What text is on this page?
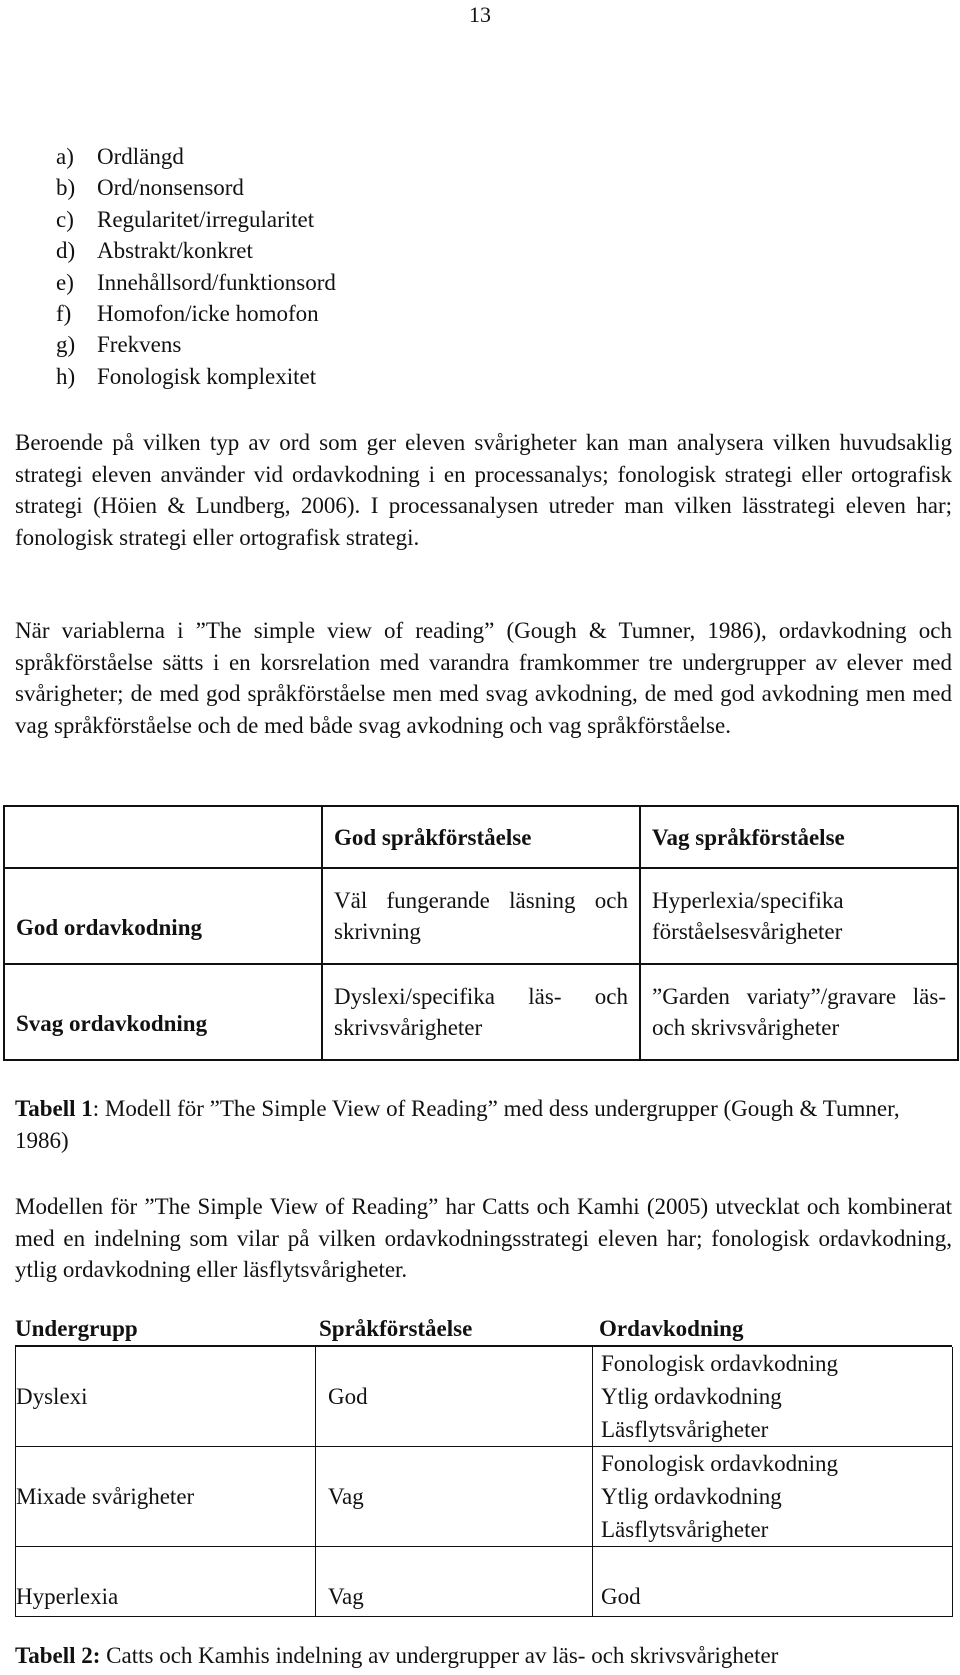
13
a) Ordlängd
b) Ord/nonsensord
c) Regularitet/irregularitet
d) Abstrakt/konkret
e) Innehållsord/funktionsord
f) Homofon/icke homofon
g) Frekvens
h) Fonologisk komplexitet

Beroende på vilken typ av ord som ger eleven svårigheter kan man analysera vilken huvudsaklig strategi eleven använder vid ordavkodning i en processanalys; fonologisk strategi eller ortografisk strategi (Höien & Lundberg, 2006). I processanalysen utreder man vilken lässtrategi eleven har; fonologisk strategi eller ortografisk strategi.

När variablerna i ”The simple view of reading” (Gough & Tumner, 1986), ordavkodning och språkförståelse sätts i en korsrelation med varandra framkommer tre undergrupper av elever med svårigheter; de med god språkförståelse men med svag avkodning, de med god avkodning men med vag språkförståelse och de med både svag avkodning och vag språkförståelse.

	God språkförståelse	Vag språkförståelse
God ordavkodning	Väl fungerande läsning och skrivning	Hyperlexia/specifika förståelsesvårigheter
Svag ordavkodning	Dyslexi/specifika läs- och skrivsvårigheter	”Garden variaty”/gravare läs- och skrivsvårigheter

Tabell 1: Modell för ”The Simple View of Reading” med dess undergrupper (Gough & Tumner, 1986)

Modellen för ”The Simple View of Reading” har Catts och Kamhi (2005) utvecklat och kombinerat med en indelning som vilar på vilken ordavkodningsstrategi eleven har; fonologisk ordavkodning, ytlig ordavkodning eller läsflytsvårigheter.

Undergrupp	Språkförståelse	Ordavkodning
Dyslexi	God	Fonologisk ordavkodning
Ytlig ordavkodning
Läsflytsvårigheter

Mixade svårigheter	Vag	Fonologisk ordavkodning
Ytlig ordavkodning
Läsflytsvårigheter

Hyperlexia	Vag	God

Tabell 2: Catts och Kamhis indelning av undergrupper av läs- och skrivsvårigheter
